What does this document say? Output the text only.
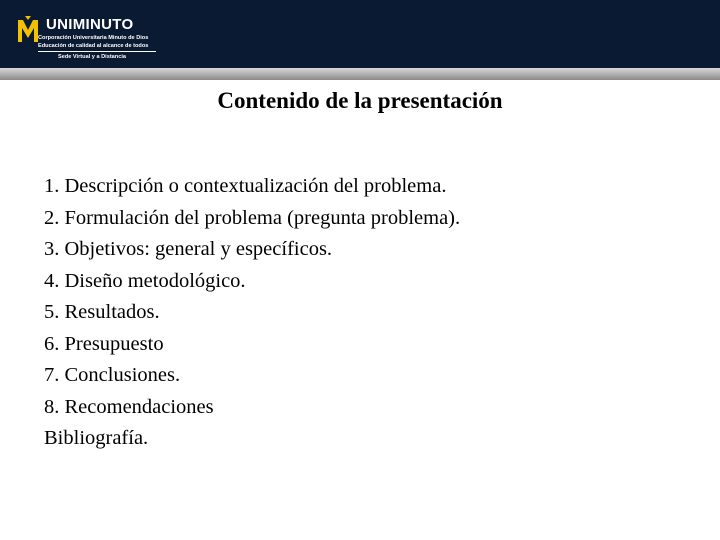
UNIMINUTO
Corporación Universitaria Minuto de Dios
Educación de calidad al alcance de todos
Sede Virtual y a Distancia
Contenido de la presentación
1. Descripción o contextualización del problema.
2. Formulación del problema (pregunta problema).
3. Objetivos: general y específicos.
4. Diseño metodológico.
5. Resultados.
6. Presupuesto
7. Conclusiones.
8. Recomendaciones
Bibliografía.
